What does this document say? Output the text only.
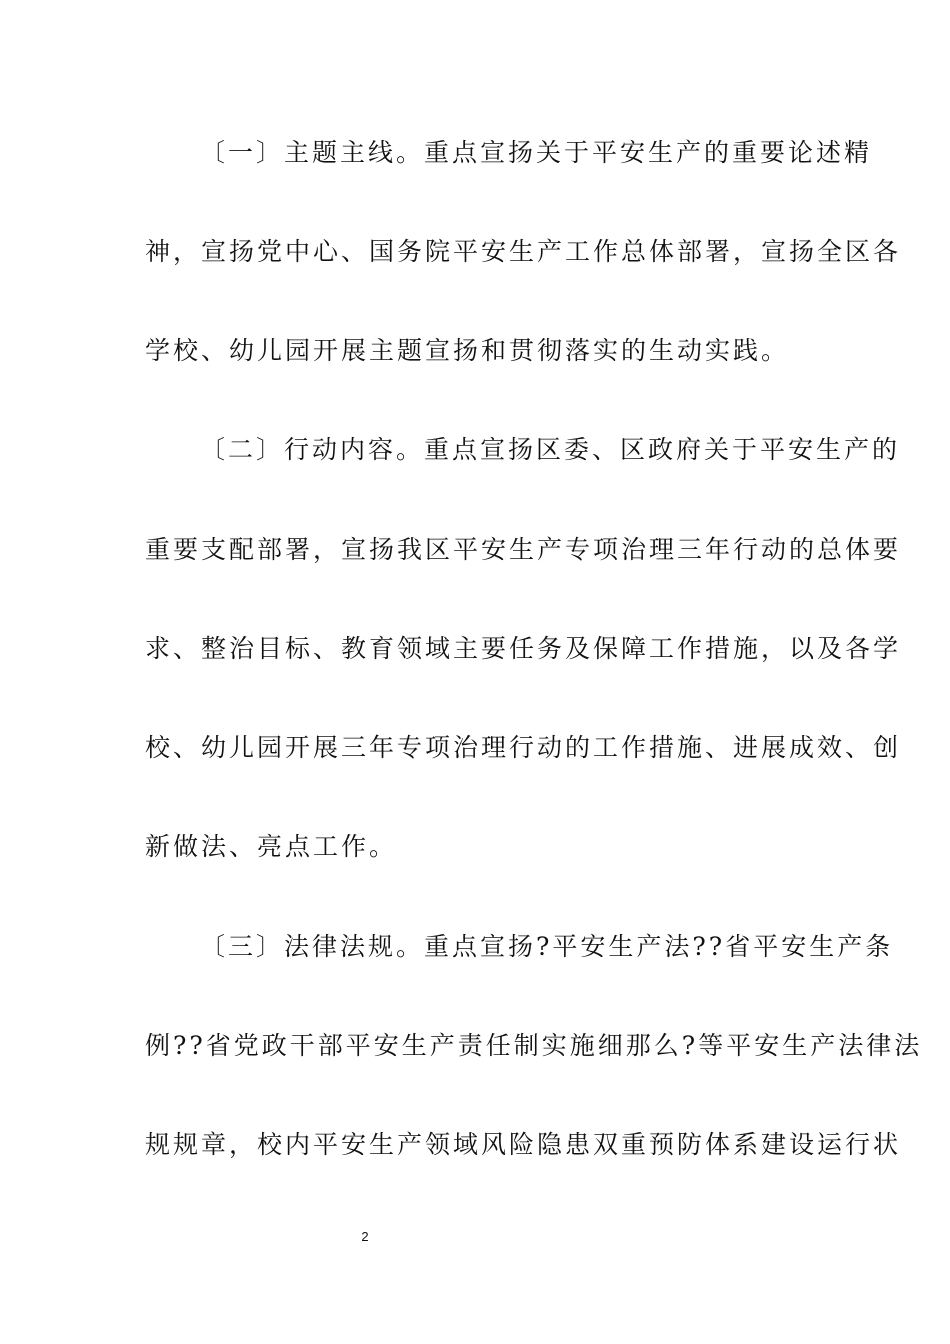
〔一〕主题主线。重点宣扬关于平安生产的重要论述精
神，宣扬党中心、国务院平安生产工作总体部署，宣扬全区各
学校、幼儿园开展主题宣扬和贯彻落实的生动实践。
〔二〕行动内容。重点宣扬区委、区政府关于平安生产的
重要支配部署，宣扬我区平安生产专项治理三年行动的总体要
求、整治目标、教育领域主要任务及保障工作措施，以及各学
校、幼儿园开展三年专项治理行动的工作措施、进展成效、创
新做法、亮点工作。
〔三〕法律法规。重点宣扬?平安生产法??省平安生产条
例??省党政干部平安生产责任制实施细那么?等平安生产法律法
规规章，校内平安生产领域风险隐患双重预防体系建设运行状
2
